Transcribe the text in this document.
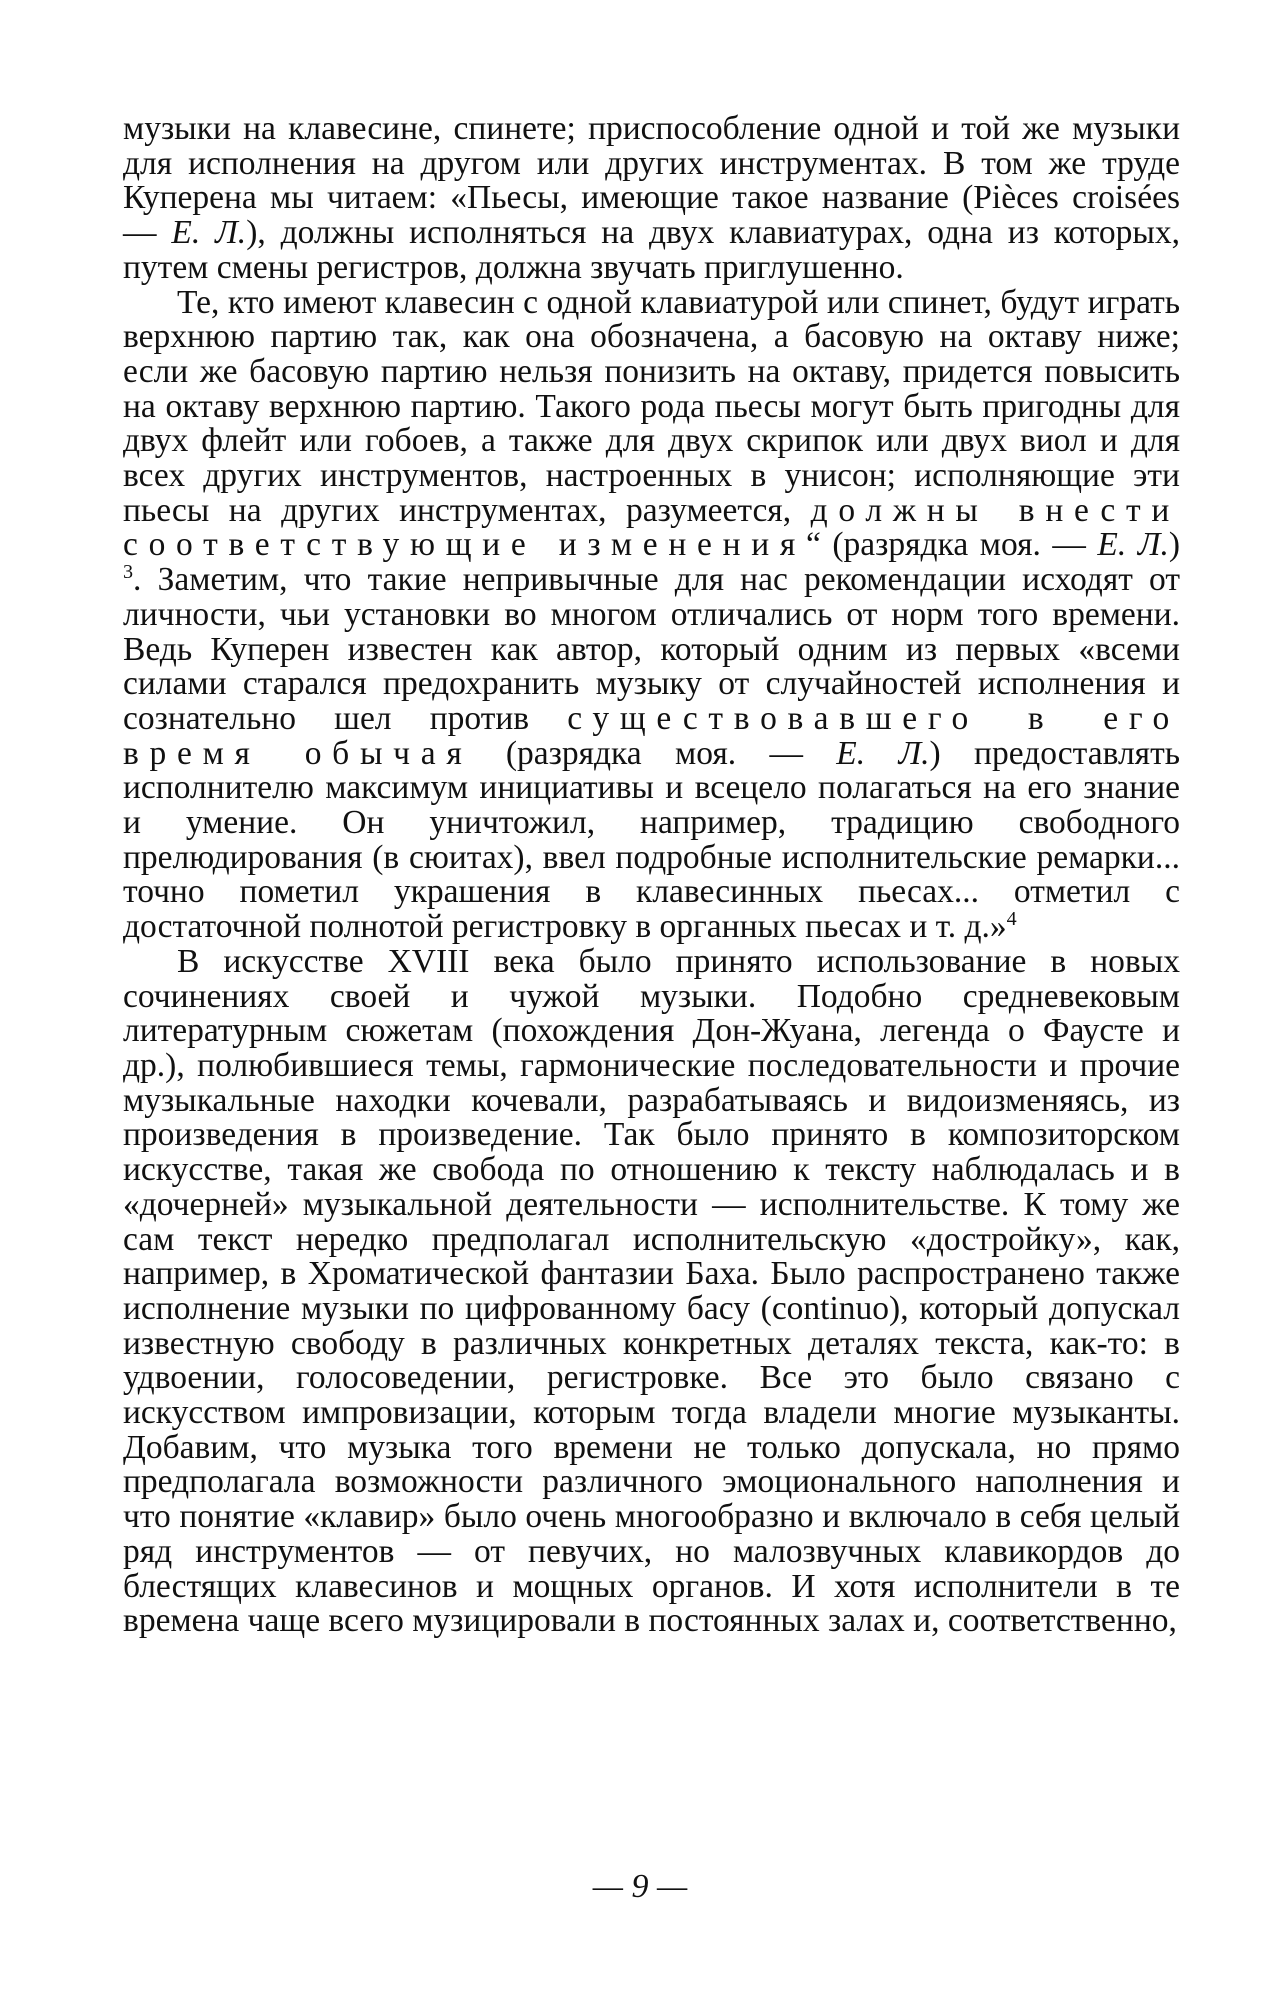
музыки на клавесине, спинете; приспособление одной и той же музыки для исполнения на другом или других инструментах. В том же труде Куперена мы читаем: «Пьесы, имеющие такое название (Pièces croisées — Е. Л.), должны исполняться на двух клавиатурах, одна из которых, путем смены регистров, должна звучать приглушенно.

Те, кто имеют клавесин с одной клавиатурой или спинет, будут играть верхнюю партию так, как она обозначена, а басовую на октаву ниже; если же басовую партию нельзя понизить на октаву, придется повысить на октаву верхнюю партию. Такого рода пьесы могут быть пригодны для двух флейт или гобоев, а также для двух скрипок или двух виол и для всех других инструментов, настроенных в унисон; исполняющие эти пьесы на других инструментах, разумеется, должны внести соответствующие изменения“ (разрядка моя. — Е. Л.) $^3$. Заметим, что такие непривычные для нас рекомендации исходят от личности, чьи установки во многом отличались от норм того времени. Ведь Куперен известен как автор, который одним из первых «всеми силами старался предохранить музыку от случайностей исполнения и сознательно шел против существовавшего в его время обычая (разрядка моя. — Е. Л.) предоставлять исполнителю максимум инициативы и всецело полагаться на его знание и умение. Он уничтожил, например, традицию свободного прелюдирования (в сюитах), ввел подробные исполнительские ремарки... точно пометил украшения в клавесинных пьесах... отметил с достаточной полнотой регистровку в органных пьесах и т. д.»$^4$

В искусстве XVIII века было принято использование в новых сочинениях своей и чужой музыки. Подобно средневековым литературным сюжетам (похождения Дон-Жуана, легенда о Фаусте и др.), полюбившиеся темы, гармонические последовательности и прочие музыкальные находки кочевали, разрабатываясь и видоизменяясь, из произведения в произведение. Так было принято в композиторском искусстве, такая же свобода по отношению к тексту наблюдалась и в «дочерней» музыкальной деятельности — исполнительстве. К тому же сам текст нередко предполагал исполнительскую «достройку», как, например, в Хроматической фантазии Баха. Было распространено также исполнение музыки по цифрованному басу (continuo), который допускал известную свободу в различных конкретных деталях текста, как-то: в удвоении, голосоведении, регистровке. Все это было связано с искусством импровизации, которым тогда владели многие музыканты. Добавим, что музыка того времени не только допускала, но прямо предполагала возможности различного эмоционального наполнения и что понятие «клавир» было очень многообразно и включало в себя целый ряд инструментов — от певучих, но малозвучных клавикордов до блестящих клавесинов и мощных органов. И хотя исполнители в те времена чаще всего музицировали в постоянных залах и, соответственно,

— 9 —
